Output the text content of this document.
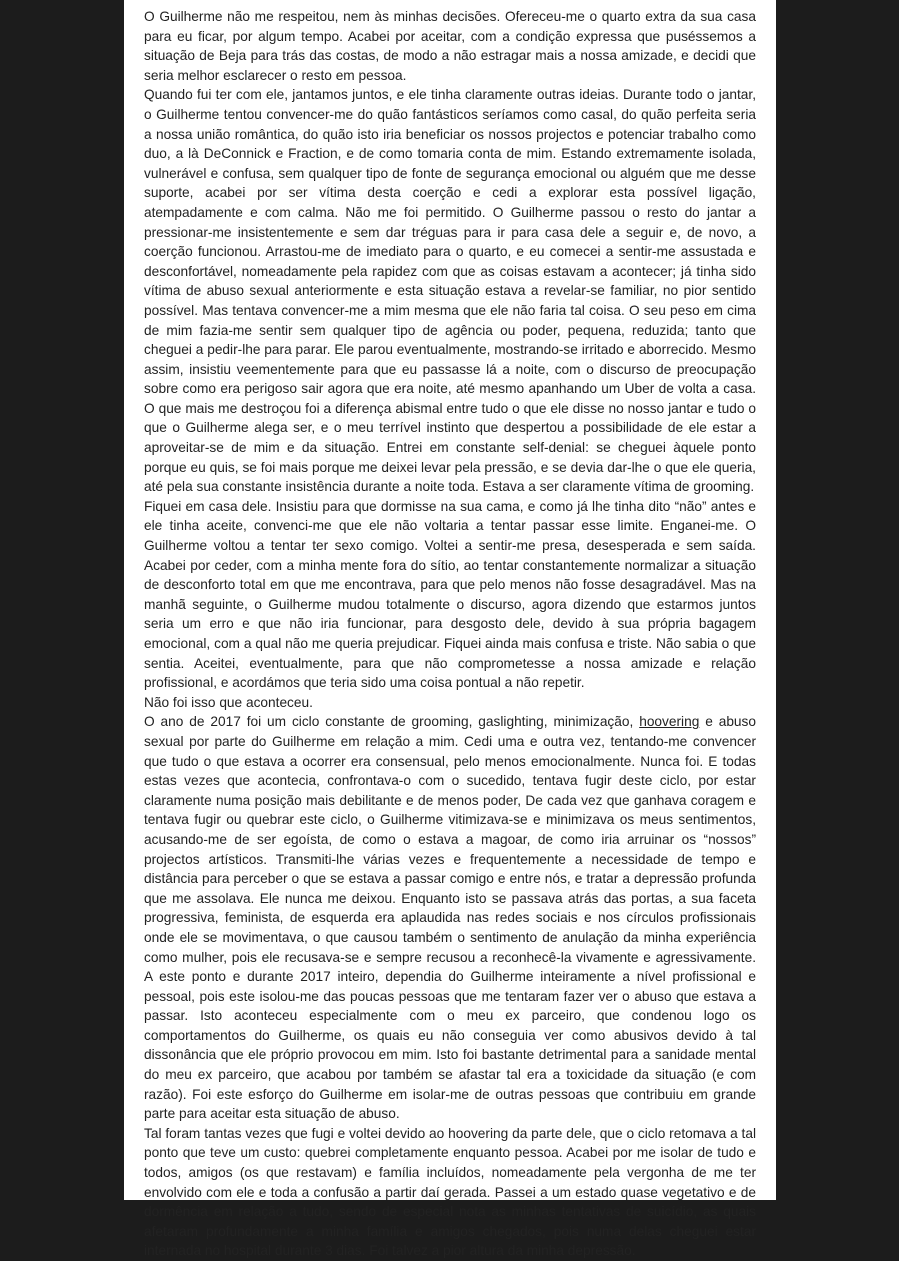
O Guilherme não me respeitou, nem às minhas decisões. Ofereceu-me o quarto extra da sua casa para eu ficar, por algum tempo. Acabei por aceitar, com a condição expressa que puséssemos a situação de Beja para trás das costas, de modo a não estragar mais a nossa amizade, e decidi que seria melhor esclarecer o resto em pessoa.

Quando fui ter com ele, jantamos juntos, e ele tinha claramente outras ideias. Durante todo o jantar, o Guilherme tentou convencer-me do quão fantásticos seríamos como casal, do quão perfeita seria a nossa união romântica, do quão isto iria beneficiar os nossos projectos e potenciar trabalho como duo, a là DeConnick e Fraction, e de como tomaria conta de mim. Estando extremamente isolada, vulnerável e confusa, sem qualquer tipo de fonte de segurança emocional ou alguém que me desse suporte, acabei por ser vítima desta coerção e cedi a explorar esta possível ligação, atempadamente e com calma. Não me foi permitido. O Guilherme passou o resto do jantar a pressionar-me insistentemente e sem dar tréguas para ir para casa dele a seguir e, de novo, a coerção funcionou. Arrastou-me de imediato para o quarto, e eu comecei a sentir-me assustada e desconfortável, nomeadamente pela rapidez com que as coisas estavam a acontecer; já tinha sido vítima de abuso sexual anteriormente e esta situação estava a revelar-se familiar, no pior sentido possível. Mas tentava convencer-me a mim mesma que ele não faria tal coisa. O seu peso em cima de mim fazia-me sentir sem qualquer tipo de agência ou poder, pequena, reduzida; tanto que cheguei a pedir-lhe para parar. Ele parou eventualmente, mostrando-se irritado e aborrecido. Mesmo assim, insistiu veementemente para que eu passasse lá a noite, com o discurso de preocupação sobre como era perigoso sair agora que era noite, até mesmo apanhando um Uber de volta a casa. O que mais me destroçou foi a diferença abismal entre tudo o que ele disse no nosso jantar e tudo o que o Guilherme alega ser, e o meu terrível instinto que despertou a possibilidade de ele estar a aproveitar-se de mim e da situação. Entrei em constante self-denial: se cheguei àquele ponto porque eu quis, se foi mais porque me deixei levar pela pressão, e se devia dar-lhe o que ele queria, até pela sua constante insistência durante a noite toda. Estava a ser claramente vítima de grooming.

Fiquei em casa dele. Insistiu para que dormisse na sua cama, e como já lhe tinha dito “não” antes e ele tinha aceite, convenci-me que ele não voltaria a tentar passar esse limite. Enganei-me. O Guilherme voltou a tentar ter sexo comigo. Voltei a sentir-me presa, desesperada e sem saída. Acabei por ceder, com a minha mente fora do sítio, ao tentar constantemente normalizar a situação de desconforto total em que me encontrava, para que pelo menos não fosse desagradável. Mas na manhã seguinte, o Guilherme mudou totalmente o discurso, agora dizendo que estarmos juntos seria um erro e que não iria funcionar, para desgosto dele, devido à sua própria bagagem emocional, com a qual não me queria prejudicar. Fiquei ainda mais confusa e triste. Não sabia o que sentia. Aceitei, eventualmente, para que não comprometesse a nossa amizade e relação profissional, e acordámos que teria sido uma coisa pontual a não repetir.

Não foi isso que aconteceu.

O ano de 2017 foi um ciclo constante de grooming, gaslighting, minimização, hoovering e abuso sexual por parte do Guilherme em relação a mim. Cedi uma e outra vez, tentando-me convencer que tudo o que estava a ocorrer era consensual, pelo menos emocionalmente. Nunca foi. E todas estas vezes que acontecia, confrontava-o com o sucedido, tentava fugir deste ciclo, por estar claramente numa posição mais debilitante e de menos poder, De cada vez que ganhava coragem e tentava fugir ou quebrar este ciclo, o Guilherme vitimizava-se e minimizava os meus sentimentos, acusando-me de ser egoísta, de como o estava a magoar, de como iria arruinar os “nossos” projectos artísticos. Transmiti-lhe várias vezes e frequentemente a necessidade de tempo e distância para perceber o que se estava a passar comigo e entre nós, e tratar a depressão profunda que me assolava. Ele nunca me deixou. Enquanto isto se passava atrás das portas, a sua faceta progressiva, feminista, de esquerda era aplaudida nas redes sociais e nos círculos profissionais onde ele se movimentava, o que causou também o sentimento de anulação da minha experiência como mulher, pois ele recusava-se e sempre recusou a reconhecê-la vivamente e agressivamente. A este ponto e durante 2017 inteiro, dependia do Guilherme inteiramente a nível profissional e pessoal, pois este isolou-me das poucas pessoas que me tentaram fazer ver o abuso que estava a passar. Isto aconteceu especialmente com o meu ex parceiro, que condenou logo os comportamentos do Guilherme, os quais eu não conseguia ver como abusivos devido à tal dissonância que ele próprio provocou em mim. Isto foi bastante detrimental para a sanidade mental do meu ex parceiro, que acabou por também se afastar tal era a toxicidade da situação (e com razão). Foi este esforço do Guilherme em isolar-me de outras pessoas que contribuiu em grande parte para aceitar esta situação de abuso.

Tal foram tantas vezes que fugi e voltei devido ao hoovering da parte dele, que o ciclo retomava a tal ponto que teve um custo: quebrei completamente enquanto pessoa. Acabei por me isolar de tudo e todos, amigos (os que restavam) e família incluídos, nomeadamente pela vergonha de me ter envolvido com ele e toda a confusão a partir daí gerada. Passei a um estado quase vegetativo e de dormência em relação a tudo, sendo de especial nota as minhas tentativas de suicídio, as quais afetaram profundamente a minha família e amigos chegados, pois numa delas cheguei estar internada no hospital durante 3 dias. Foi talvez a pior altura da minha depressão.
